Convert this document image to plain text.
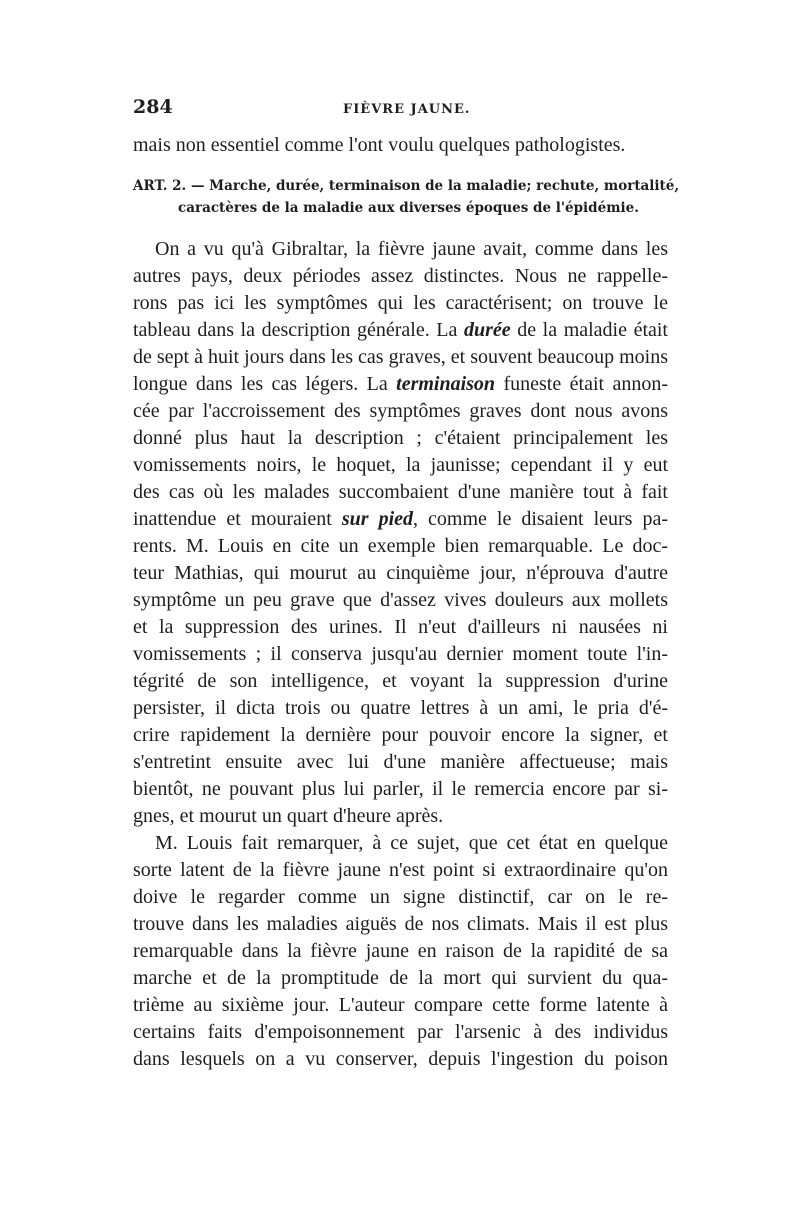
284	FIÈVRE JAUNE.
mais non essentiel comme l'ont voulu quelques pathologistes.
ART. 2. — Marche, durée, terminaison de la maladie; rechute, mortalité,
caractères de la maladie aux diverses époques de l'épidémie.
On a vu qu'à Gibraltar, la fièvre jaune avait, comme dans les
autres pays, deux périodes assez distinctes. Nous ne rappelle-
rons pas ici les symptômes qui les caractérisent; on trouve le
tableau dans la description générale. La durée de la maladie était
de sept à huit jours dans les cas graves, et souvent beaucoup moins
longue dans les cas légers. La terminaison funeste était annon-
cée par l'accroissement des symptômes graves dont nous avons
donné plus haut la description ; c'étaient principalement les
vomissements noirs, le hoquet, la jaunisse; cependant il y eut
des cas où les malades succombaient d'une manière tout à fait
inattendue et mouraient sur pied, comme le disaient leurs pa-
rents. M. Louis en cite un exemple bien remarquable. Le doc-
teur Mathias, qui mourut au cinquième jour, n'éprouva d'autre
symptôme un peu grave que d'assez vives douleurs aux mollets
et la suppression des urines. Il n'eut d'ailleurs ni nausées ni
vomissements ; il conserva jusqu'au dernier moment toute l'in-
tégrité de son intelligence, et voyant la suppression d'urine
persister, il dicta trois ou quatre lettres à un ami, le pria d'é-
crire rapidement la dernière pour pouvoir encore la signer, et
s'entretint ensuite avec lui d'une manière affectueuse; mais
bientôt, ne pouvant plus lui parler, il le remercia encore par si-
gnes, et mourut un quart d'heure après.
M. Louis fait remarquer, à ce sujet, que cet état en quelque
sorte latent de la fièvre jaune n'est point si extraordinaire qu'on
doive le regarder comme un signe distinctif, car on le re-
trouve dans les maladies aiguës de nos climats. Mais il est plus
remarquable dans la fièvre jaune en raison de la rapidité de sa
marche et de la promptitude de la mort qui survient du qua-
trième au sixième jour. L'auteur compare cette forme latente à
certains faits d'empoisonnement par l'arsenic à des individus
dans lesquels on a vu conserver, depuis l'ingestion du poison
